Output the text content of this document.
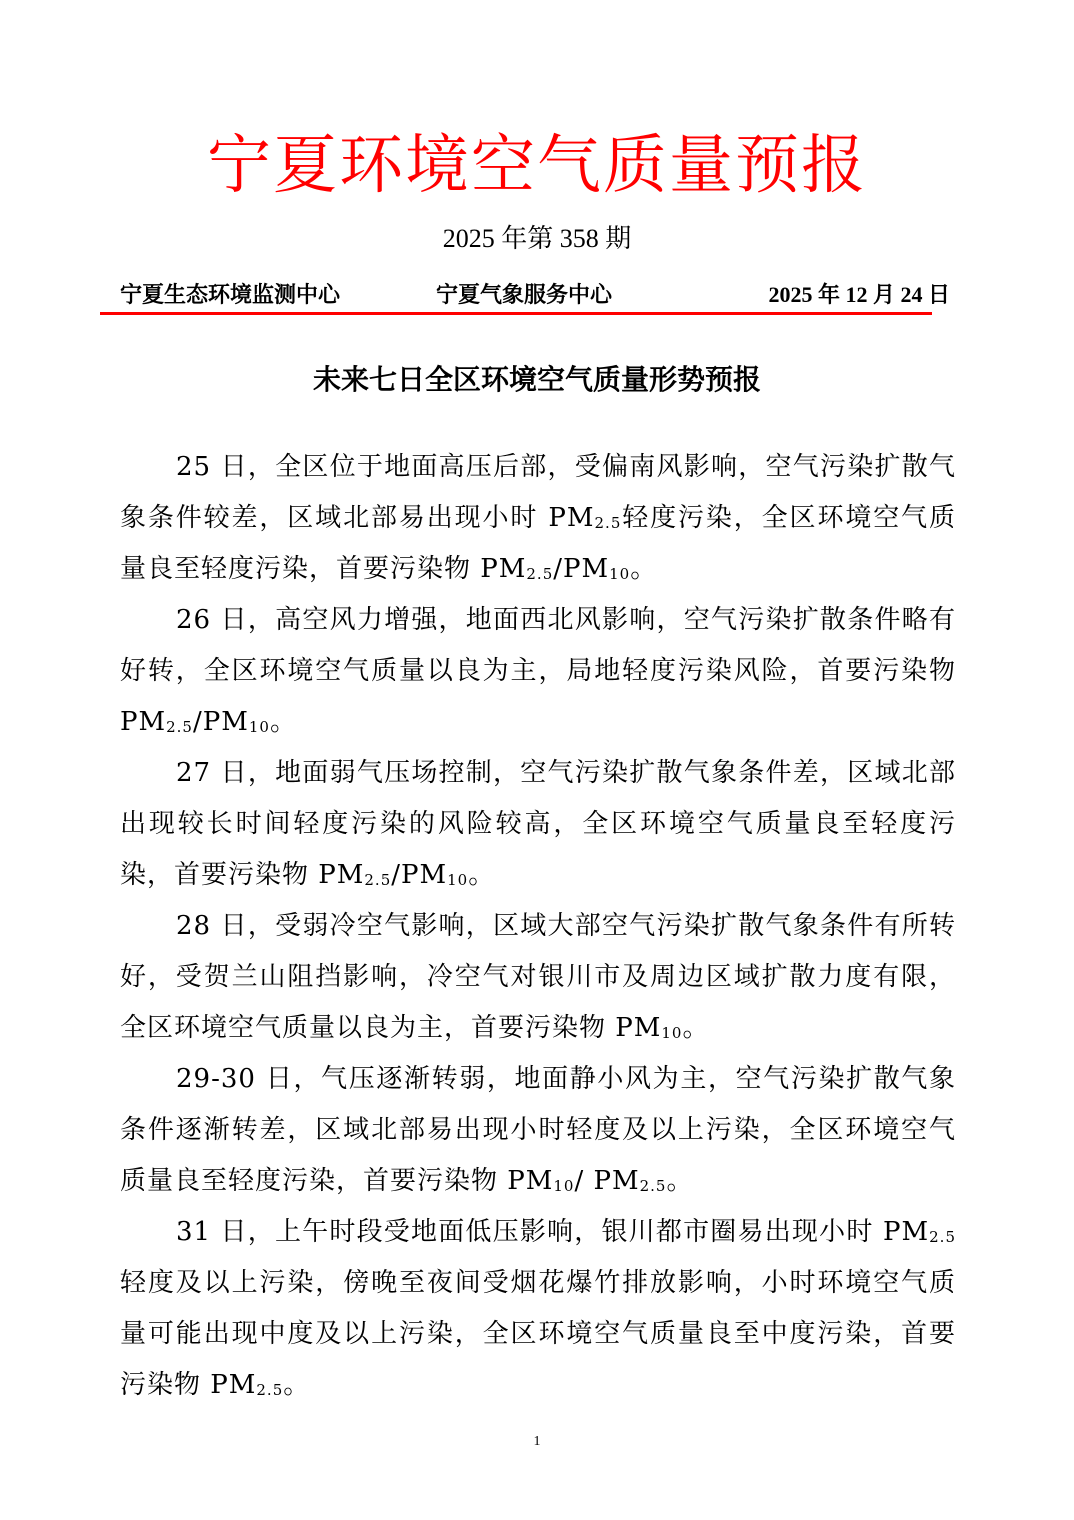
宁夏环境空气质量预报
2025 年第 358 期
宁夏生态环境监测中心	宁夏气象服务中心	2025 年 12 月 24 日
未来七日全区环境空气质量形势预报

25 日，全区位于地面高压后部，受偏南风影响，空气污染扩散气象条件较差，区域北部易出现小时 $PM_{2.5}$轻度污染，全区环境空气质量良至轻度污染，首要污染物 $PM_{2.5}/PM_{10}$。

26 日，高空风力增强，地面西北风影响，空气污染扩散条件略有好转，全区环境空气质量以良为主，局地轻度污染风险，首要污染物 $PM_{2.5}/PM_{10}$。

27 日，地面弱气压场控制，空气污染扩散气象条件差，区域北部出现较长时间轻度污染的风险较高，全区环境空气质量良至轻度污染，首要污染物 $PM_{2.5}/PM_{10}$。

28 日，受弱冷空气影响，区域大部空气污染扩散气象条件有所转好，受贺兰山阻挡影响，冷空气对银川市及周边区域扩散力度有限，全区环境空气质量以良为主，首要污染物 $PM_{10}$。

29-30 日，气压逐渐转弱，地面静小风为主，空气污染扩散气象条件逐渐转差，区域北部易出现小时轻度及以上污染，全区环境空气质量良至轻度污染，首要污染物 $PM_{10}/$ $PM_{2.5}$。

31 日，上午时段受地面低压影响，银川都市圈易出现小时 $PM_{2.5}$轻度及以上污染，傍晚至夜间受烟花爆竹排放影响，小时环境空气质量可能出现中度及以上污染，全区环境空气质量良至中度污染，首要污染物 $PM_{2.5}$。

1
